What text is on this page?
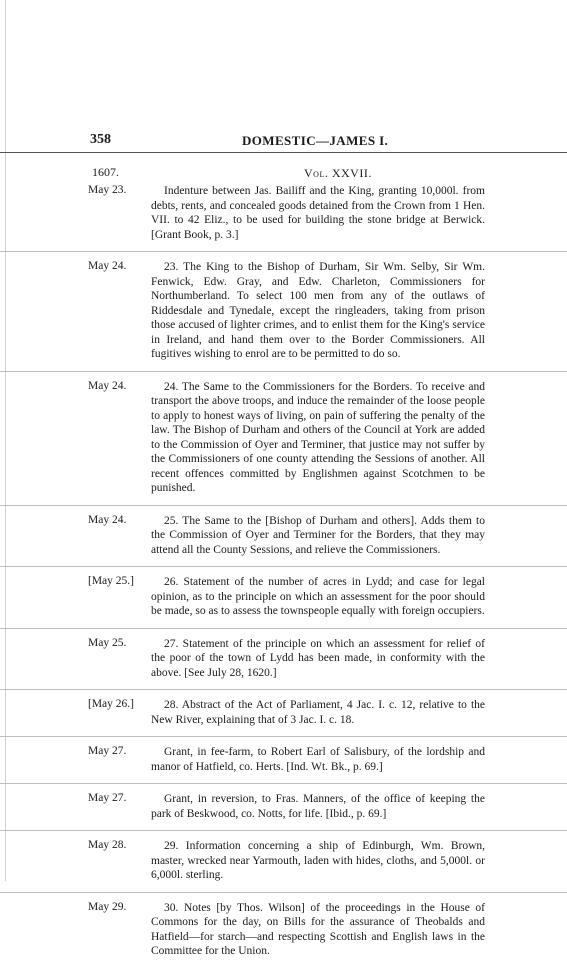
358	DOMESTIC—JAMES I.
1607.	Vol. XXVII.
May 23.	Indenture between Jas. Bailiff and the King, granting 10,000l. from debts, rents, and concealed goods detained from the Crown from 1 Hen. VII. to 42 Eliz., to be used for building the stone bridge at Berwick. [Grant Book, p. 3.]
May 24.	23. The King to the Bishop of Durham, Sir Wm. Selby, Sir Wm. Fenwick, Edw. Gray, and Edw. Charleton, Commissioners for Northumberland. To select 100 men from any of the outlaws of Riddesdale and Tynedale, except the ringleaders, taking from prison those accused of lighter crimes, and to enlist them for the King's service in Ireland, and hand them over to the Border Commissioners. All fugitives wishing to enrol are to be permitted to do so.
May 24.	24. The Same to the Commissioners for the Borders. To receive and transport the above troops, and induce the remainder of the loose people to apply to honest ways of living, on pain of suffering the penalty of the law. The Bishop of Durham and others of the Council at York are added to the Commission of Oyer and Terminer, that justice may not suffer by the Commissioners of one county attending the Sessions of another. All recent offences committed by Englishmen against Scotchmen to be punished.
May 24.	25. The Same to the [Bishop of Durham and others]. Adds them to the Commission of Oyer and Terminer for the Borders, that they may attend all the County Sessions, and relieve the Commissioners.
[May 25.]	26. Statement of the number of acres in Lydd; and case for legal opinion, as to the principle on which an assessment for the poor should be made, so as to assess the townspeople equally with foreign occupiers.
May 25.	27. Statement of the principle on which an assessment for relief of the poor of the town of Lydd has been made, in conformity with the above. [See July 28, 1620.]
[May 26.]	28. Abstract of the Act of Parliament, 4 Jac. I. c. 12, relative to the New River, explaining that of 3 Jac. I. c. 18.
May 27.	Grant, in fee-farm, to Robert Earl of Salisbury, of the lordship and manor of Hatfield, co. Herts. [Ind. Wt. Bk., p. 69.]
May 27.	Grant, in reversion, to Fras. Manners, of the office of keeping the park of Beskwood, co. Notts, for life. [Ibid., p. 69.]
May 28.	29. Information concerning a ship of Edinburgh, Wm. Brown, master, wrecked near Yarmouth, laden with hides, cloths, and 5,000l. or 6,000l. sterling.
May 29.	30. Notes [by Thos. Wilson] of the proceedings in the House of Commons for the day, on Bills for the assurance of Theobalds and Hatfield—for starch—and respecting Scottish and English laws in the Committee for the Union.
